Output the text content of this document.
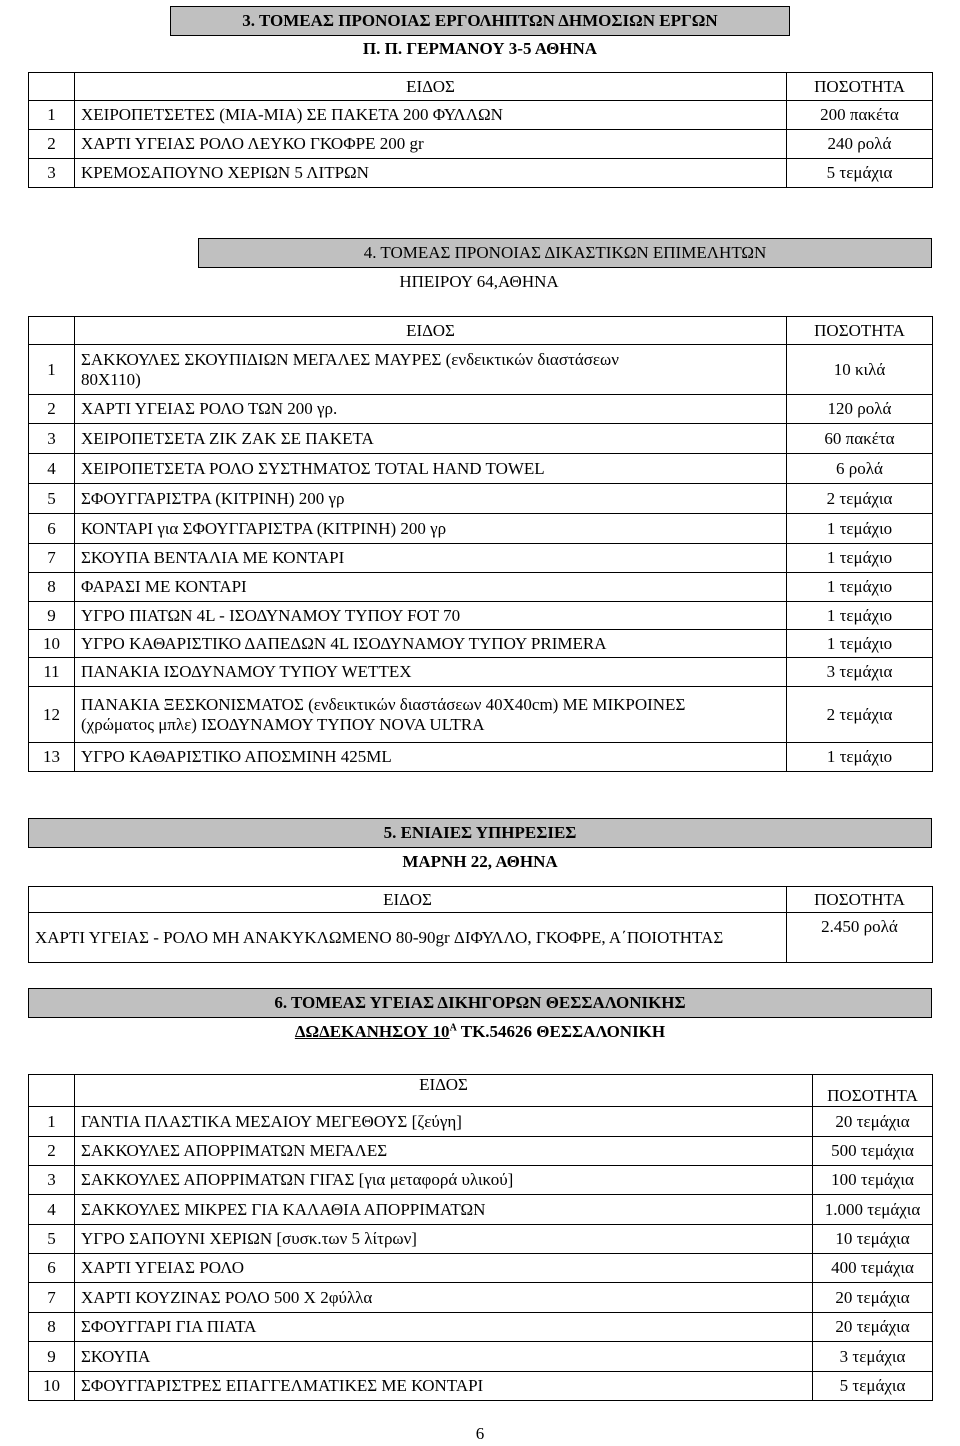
3. ΤΟΜΕΑΣ ΠΡΟΝΟΙΑΣ ΕΡΓΟΛΗΠΤΩΝ ΔΗΜΟΣΙΩΝ ΕΡΓΩΝ
Π. Π. ΓΕΡΜΑΝΟΥ 3-5 ΑΘΗΝΑ
	ΕΙΔΟΣ	ΠΟΣΟΤΗΤΑ
1	ΧΕΙΡΟΠΕΤΣΕΤΕΣ (ΜΙΑ-ΜΙΑ) ΣΕ ΠΑΚΕΤΑ 200 ΦΥΛΛΩΝ	200 πακέτα
2	ΧΑΡΤΙ ΥΓΕΙΑΣ ΡΟΛΟ ΛΕΥΚΟ ΓΚΟΦΡΕ 200 gr	240 ρολά
3	ΚΡΕΜΟΣΑΠΟΥΝΟ ΧΕΡΙΩΝ 5 ΛΙΤΡΩΝ	5 τεμάχια
4. ΤΟΜΕΑΣ ΠΡΟΝΟΙΑΣ ΔΙΚΑΣΤΙΚΩΝ ΕΠΙΜΕΛΗΤΩΝ
ΗΠΕΙΡΟΥ 64,ΑΘΗΝΑ
	ΕΙΔΟΣ	ΠΟΣΟΤΗΤΑ
1	ΣΑΚΚΟΥΛΕΣ ΣΚΟΥΠΙΔΙΩΝ ΜΕΓΑΛΕΣ ΜΑΥΡΕΣ (ενδεικτικών διαστάσεων 80Χ110)	10 κιλά
2	ΧΑΡΤΙ ΥΓΕΙΑΣ ΡΟΛΟ ΤΩΝ 200 γρ.	120 ρολά
3	ΧΕΙΡΟΠΕΤΣΕΤΑ ΖΙΚ ΖΑΚ ΣΕ ΠΑΚΕΤΑ	60 πακέτα
4	ΧΕΙΡΟΠΕΤΣΕΤΑ ΡΟΛΟ ΣΥΣΤΗΜΑΤΟΣ TOTAL HAND TOWEL	6 ρολά
5	ΣΦΟΥΓΓΑΡΙΣΤΡΑ (ΚΙΤΡΙΝΗ) 200 γρ	2 τεμάχια
6	ΚΟΝΤΑΡΙ για ΣΦΟΥΓΓΑΡΙΣΤΡΑ (ΚΙΤΡΙΝΗ) 200 γρ	1 τεμάχιο
7	ΣΚΟΥΠΑ ΒΕΝΤΑΛΙΑ ΜΕ ΚΟΝΤΑΡΙ	1 τεμάχιο
8	ΦΑΡΑΣΙ ΜΕ ΚΟΝΤΑΡΙ	1 τεμάχιο
9	ΥΓΡΟ ΠΙΑΤΩΝ 4L - ΙΣΟΔΥΝΑΜΟΥ ΤΥΠΟΥ FOT 70	1 τεμάχιο
10	ΥΓΡΟ ΚΑΘΑΡΙΣΤΙΚΟ ΔΑΠΕΔΩΝ 4L ΙΣΟΔΥΝΑΜΟΥ ΤΥΠΟΥ PRIMERA	1 τεμάχιο
11	ΠΑΝΑΚΙΑ ΙΣΟΔΥΝΑΜΟΥ ΤΥΠΟΥ WETTEX	3 τεμάχια
12	ΠΑΝΑΚΙΑ ΞΕΣΚΟΝΙΣΜΑΤΟΣ (ενδεικτικών διαστάσεων 40Χ40cm) ΜΕ ΜΙΚΡΟΙΝΕΣ (χρώματος μπλε) ΙΣΟΔΥΝΑΜΟΥ ΤΥΠΟΥ NOVA ULTRA	2 τεμάχια
13	ΥΓΡΟ ΚΑΘΑΡΙΣΤΙΚΟ ΑΠΟΣΜΙΝΗ 425ML	1 τεμάχιο
5. ΕΝΙΑΙΕΣ ΥΠΗΡΕΣΙΕΣ
ΜΑΡΝΗ 22, ΑΘΗΝΑ
ΕΙΔΟΣ	ΠΟΣΟΤΗΤΑ
ΧΑΡΤΙ ΥΓΕΙΑΣ - ΡΟΛΟ ΜΗ ΑΝΑΚΥΚΛΩΜΕΝΟ 80-90gr ΔΙΦΥΛΛΟ, ΓΚΟΦΡΕ, Α΄ΠΟΙΟΤΗΤΑΣ	2.450 ρολά
6. ΤΟΜΕΑΣ ΥΓΕΙΑΣ ΔΙΚΗΓΟΡΩΝ ΘΕΣΣΑΛΟΝΙΚΗΣ
ΔΩΔΕΚΑΝΗΣΟΥ $10^A$ ΤΚ.54626 ΘΕΣΣΑΛΟΝΙΚΗ
	ΕΙΔΟΣ	ΠΟΣΟΤΗΤΑ
1	ΓΑΝΤΙΑ ΠΛΑΣΤΙΚΑ ΜΕΣΑΙΟΥ ΜΕΓΕΘΟΥΣ [ζεύγη]	20 τεμάχια
2	ΣΑΚΚΟΥΛΕΣ ΑΠΟΡΡΙΜΑΤΩΝ ΜΕΓΑΛΕΣ	500 τεμάχια
3	ΣΑΚΚΟΥΛΕΣ ΑΠΟΡΡΙΜΑΤΩΝ ΓΙΓΑΣ [για μεταφορά υλικού]	100 τεμάχια
4	ΣΑΚΚΟΥΛΕΣ ΜΙΚΡΕΣ ΓΙΑ ΚΑΛΑΘΙΑ ΑΠΟΡΡΙΜΑΤΩΝ	1.000 τεμάχια
5	ΥΓΡΟ ΣΑΠΟΥΝΙ ΧΕΡΙΩΝ [συσκ.των 5 λίτρων]	10 τεμάχια
6	ΧΑΡΤΙ ΥΓΕΙΑΣ ΡΟΛΟ	400 τεμάχια
7	ΧΑΡΤΙ ΚΟΥΖΙΝΑΣ ΡΟΛΟ 500 Χ 2φύλλα	20 τεμάχια
8	ΣΦΟΥΓΓΑΡΙ ΓΙΑ ΠΙΑΤΑ	20 τεμάχια
9	ΣΚΟΥΠΑ	3 τεμάχια
10	ΣΦΟΥΓΓΑΡΙΣΤΡΕΣ ΕΠΑΓΓΕΛΜΑΤΙΚΕΣ ΜΕ ΚΟΝΤΑΡΙ	5 τεμάχια
6
